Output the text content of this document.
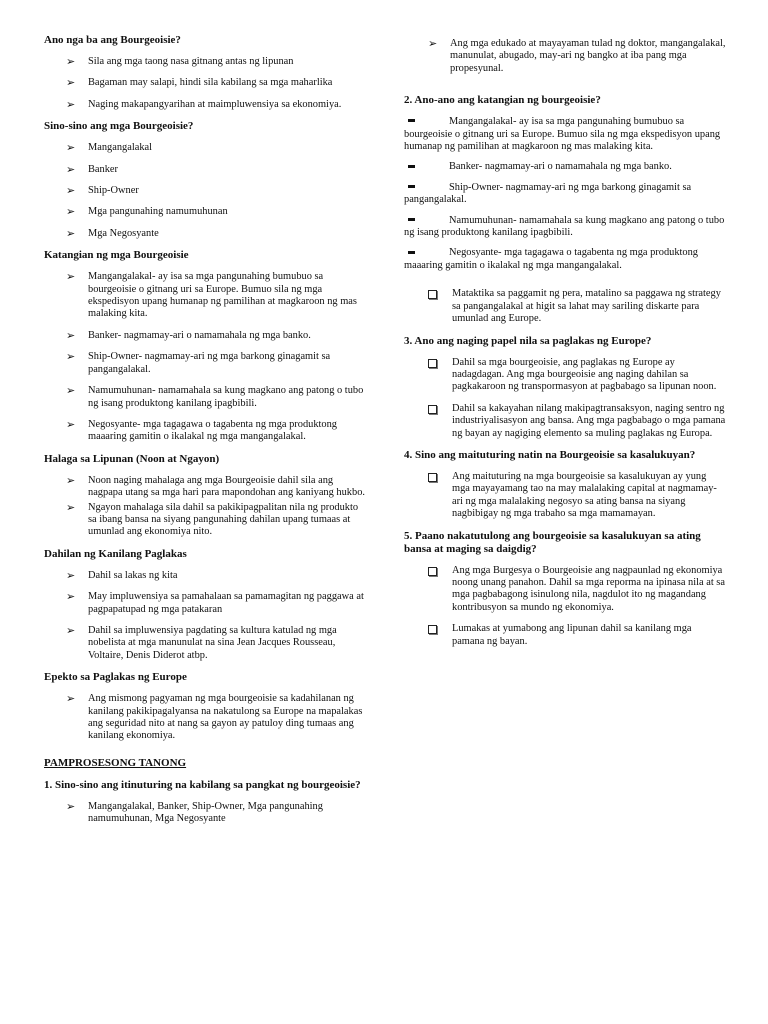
Ano nga ba ang Bourgeoisie?
➢	Sila ang mga taong nasa gitnang antas ng lipunan
➢	Bagaman may salapi, hindi sila kabilang sa mga maharlika
➢	Naging makapangyarihan at maimpluwensiya sa ekonomiya.
Sino-sino ang mga Bourgeoisie?
➢	Mangangalakal
➢	Banker
➢	Ship-Owner
➢	Mga pangunahing namumuhunan
➢	Mga Negosyante
Katangian ng mga Bourgeoisie
➢	Mangangalakal- ay isa sa mga pangunahing bumubuo sa bourgeoisie o gitnang uri sa Europe. Bumuo sila ng mga ekspedisyon upang humanap ng pamilihan at magkaroon ng mas malaking kita.
➢	Banker- nagmamay-ari o namamahala ng mga banko.
➢	Ship-Owner- nagmamay-ari ng mga barkong ginagamit sa pangangalakal.
➢	Namumuhunan- namamahala sa kung magkano ang patong o tubo ng isang produktong kanilang ipagbibili.
➢	Negosyante- mga tagagawa o tagabenta ng mga produktong maaaring gamitin o ikalakal ng mga mangangalakal.
Halaga sa Lipunan (Noon at Ngayon)
➢	Noon naging mahalaga ang mga Bourgeoisie dahil sila ang nagpapa utang sa mga hari para mapondohan ang kaniyang hukbo.
➢	Ngayon mahalaga sila dahil sa pakikipagpalitan nila ng produkto sa ibang bansa na siyang pangunahing dahilan upang tumaas at umunlad ang ekonomiya nito.
Dahilan ng Kanilang Paglakas
➢	Dahil sa lakas ng kita
➢	May impluwensiya sa pamahalaan sa pamamagitan ng paggawa at pagpapatupad ng mga patakaran
➢	Dahil sa impluwensiya pagdating sa kultura katulad ng mga nobelista at mga manunulat na sina Jean Jacques Rousseau, Voltaire, Denis Diderot atbp.
Epekto sa Paglakas ng Europe
➢	Ang mismong pagyaman ng mga bourgeoisie sa kadahilanan ng kanilang pakikipagalyansa na nakatulong sa Europe na mapalakas ang seguridad nito at nang sa gayon ay patuloy ding tumaas ang kanilang ekonomiya.
PAMPROSESONG TANONG
1. Sino-sino ang itinuturing na kabilang sa pangkat ng bourgeoisie?
➢	Mangangalakal, Banker, Ship-Owner, Mga pangunahing namumuhunan, Mga Negosyante
➢	Ang mga edukado at mayayaman tulad ng doktor, mangangalakal, manunulat, abugado, may-ari ng bangko at iba pang mga propesyunal.
2. Ano-ano ang katangian ng bourgeoisie?
Mangangalakal- ay isa sa mga pangunahing bumubuo sa bourgeoisie o gitnang uri sa Europe. Bumuo sila ng mga ekspedisyon upang humanap ng pamilihan at magkaroon ng mas malaking kita.
Banker- nagmamay-ari o namamahala ng mga banko.
Ship-Owner- nagmamay-ari ng mga barkong ginagamit sa pangangalakal.
Namumuhunan- namamahala sa kung magkano ang patong o tubo ng isang produktong kanilang ipagbibili.
Negosyante- mga tagagawa o tagabenta ng mga produktong maaaring gamitin o ikalakal ng mga mangangalakal.
Mataktika sa paggamit ng pera, matalino sa paggawa ng strategy sa pangangalakal at higit sa lahat may sariling diskarte para umunlad ang Europe.
3. Ano ang naging papel nila sa paglakas ng Europe?
Dahil sa mga bourgeoisie, ang paglakas ng Europe ay nadagdagan. Ang mga bourgeoisie ang naging dahilan sa pagkakaroon ng transpormasyon at pagbabago sa lipunan noon.
Dahil sa kakayahan nilang makipagtransaksyon, naging sentro ng industriyalisasyon ang bansa. Ang mga pagbabago o mga pamana ng bayan ay nagiging elemento sa muling paglakas ng Europa.
4. Sino ang maituturing natin na Bourgeoisie sa kasalukuyan?
Ang maituturing na mga bourgeoisie sa kasalukuyan ay yung mga mayayamang tao na may malalaking capital at nagmamay-ari ng mga malalaking negosyo sa ating bansa na siyang nagbibigay ng mga trabaho sa mga mamamayan.
5. Paano nakatutulong ang bourgeoisie sa kasalukuyan sa ating bansa at maging sa daigdig?
Ang mga Burgesya o Bourgeoisie ang nagpaunlad ng ekonomiya noong unang panahon. Dahil sa mga reporma na ipinasa nila at sa mga pagbabagong isinulong nila, nagdulot ito ng magandang kontribusyon sa mundo ng ekonomiya.
Lumakas at yumabong ang lipunan dahil sa kanilang mga pamana ng bayan.
